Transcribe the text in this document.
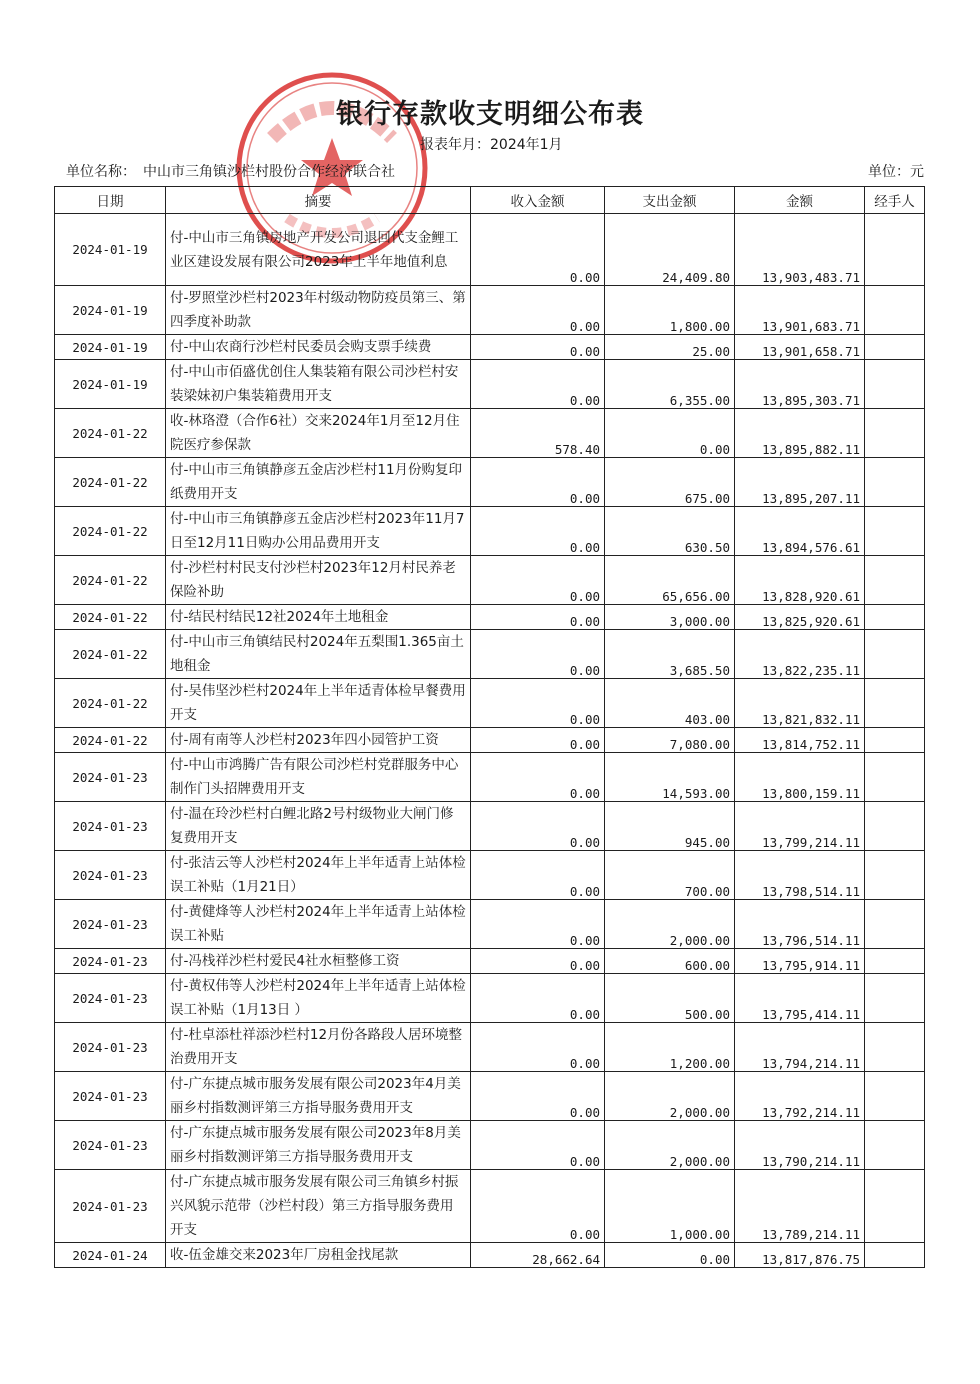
银行存款收支明细公布表
报表年月：2024年1月
单位名称：　中山市三角镇沙栏村股份合作经济联合社	单位：元
日期	摘要	收入金额	支出金额	金额	经手人
2024-01-19	付-中山市三角镇房地产开发公司退回代支金鲤工业区建设发展有限公司2023年上半年地值利息	0.00	24,409.80	13,903,483.71	
2024-01-19	付-罗照堂沙栏村2023年村级动物防疫员第三、第四季度补助款	0.00	1,800.00	13,901,683.71	
2024-01-19	付-中山农商行沙栏村民委员会购支票手续费	0.00	25.00	13,901,658.71	
2024-01-19	付-中山市佰盛优创住人集装箱有限公司沙栏村安装梁妹初户集装箱费用开支	0.00	6,355.00	13,895,303.71	
2024-01-22	收-林珞澄（合作6社）交来2024年1月至12月住院医疗参保款	578.40	0.00	13,895,882.11	
2024-01-22	付-中山市三角镇静彦五金店沙栏村11月份购复印纸费用开支	0.00	675.00	13,895,207.11	
2024-01-22	付-中山市三角镇静彦五金店沙栏村2023年11月7日至12月11日购办公用品费用开支	0.00	630.50	13,894,576.61	
2024-01-22	付-沙栏村村民支付沙栏村2023年12月村民养老保险补助	0.00	65,656.00	13,828,920.61	
2024-01-22	付-结民村结民12社2024年土地租金	0.00	3,000.00	13,825,920.61	
2024-01-22	付-中山市三角镇结民村2024年五梨围1.365亩土地租金	0.00	3,685.50	13,822,235.11	
2024-01-22	付-吴伟坚沙栏村2024年上半年适青体检早餐费用开支	0.00	403.00	13,821,832.11	
2024-01-22	付-周有南等人沙栏村2023年四小园管护工资	0.00	7,080.00	13,814,752.11	
2024-01-23	付-中山市鸿腾广告有限公司沙栏村党群服务中心制作门头招牌费用开支	0.00	14,593.00	13,800,159.11	
2024-01-23	付-温在玲沙栏村白鲤北路2号村级物业大闸门修复费用开支	0.00	945.00	13,799,214.11	
2024-01-23	付-张洁云等人沙栏村2024年上半年适青上站体检误工补贴（1月21日）	0.00	700.00	13,798,514.11	
2024-01-23	付-黄健烽等人沙栏村2024年上半年适青上站体检误工补贴	0.00	2,000.00	13,796,514.11	
2024-01-23	付-冯栈祥沙栏村爱民4社水桓整修工资	0.00	600.00	13,795,914.11	
2024-01-23	付-黄权伟等人沙栏村2024年上半年适青上站体检误工补贴（1月13日 ）	0.00	500.00	13,795,414.11	
2024-01-23	付-杜卓添杜祥添沙栏村12月份各路段人居环境整治费用开支	0.00	1,200.00	13,794,214.11	
2024-01-23	付-广东捷点城市服务发展有限公司2023年4月美丽乡村指数测评第三方指导服务费用开支	0.00	2,000.00	13,792,214.11	
2024-01-23	付-广东捷点城市服务发展有限公司2023年8月美丽乡村指数测评第三方指导服务费用开支	0.00	2,000.00	13,790,214.11	
2024-01-23	付-广东捷点城市服务发展有限公司三角镇乡村振兴风貌示范带（沙栏村段）第三方指导服务费用开支	0.00	1,000.00	13,789,214.11	
2024-01-24	收-伍金雄交来2023年厂房租金找尾款	28,662.64	0.00	13,817,876.75	
